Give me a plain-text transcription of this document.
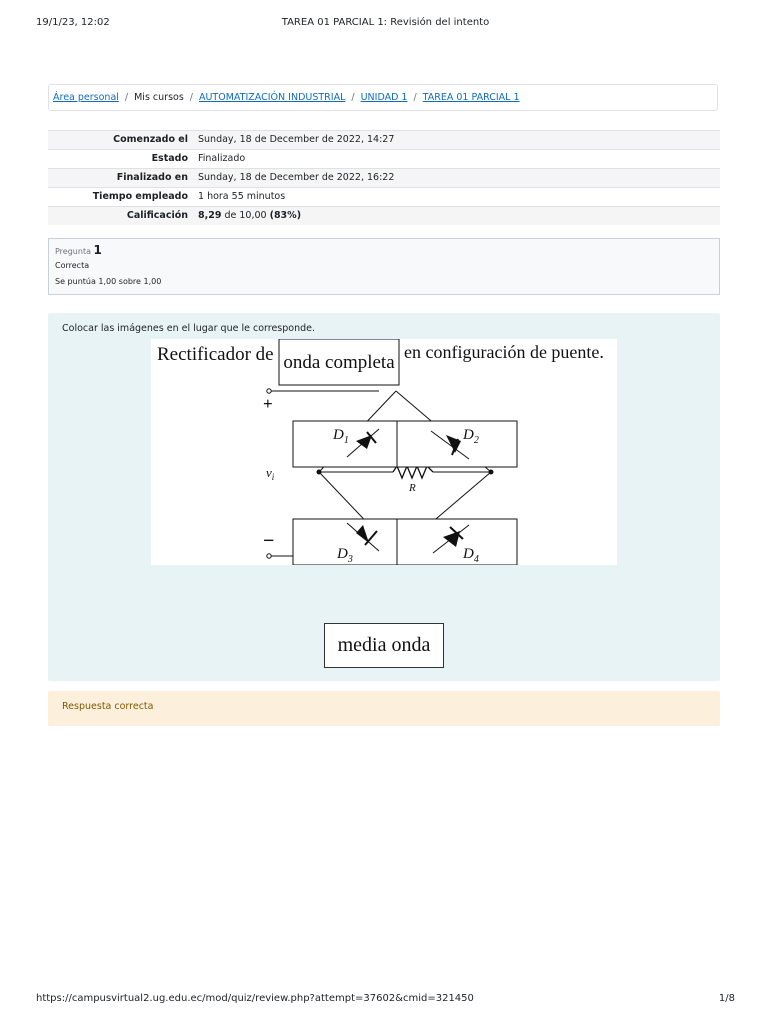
19/1/23, 12:02	TAREA 01 PARCIAL 1: Revisión del intento
Área personal / Mis cursos / AUTOMATIZACIÓN INDUSTRIAL / UNIDAD 1 / TAREA 01 PARCIAL 1
Comenzado el	Sunday, 18 de December de 2022, 14:27
Estado	Finalizado
Finalizado en	Sunday, 18 de December de 2022, 16:22
Tiempo empleado	1 hora 55 minutos
Calificación	8,29 de 10,00 (83%)
Pregunta 1
Correcta
Se puntúa 1,00 sobre 1,00
Colocar las imágenes en el lugar que le corresponde.
Rectificador de onda completa en configuración de puente.
+
−
$v_i$
R
$D_1$	$D_2$
$D_3$	$D_4$
media onda
Respuesta correcta
https://campusvirtual2.ug.edu.ec/mod/quiz/review.php?attempt=37602&cmid=321450	1/8
